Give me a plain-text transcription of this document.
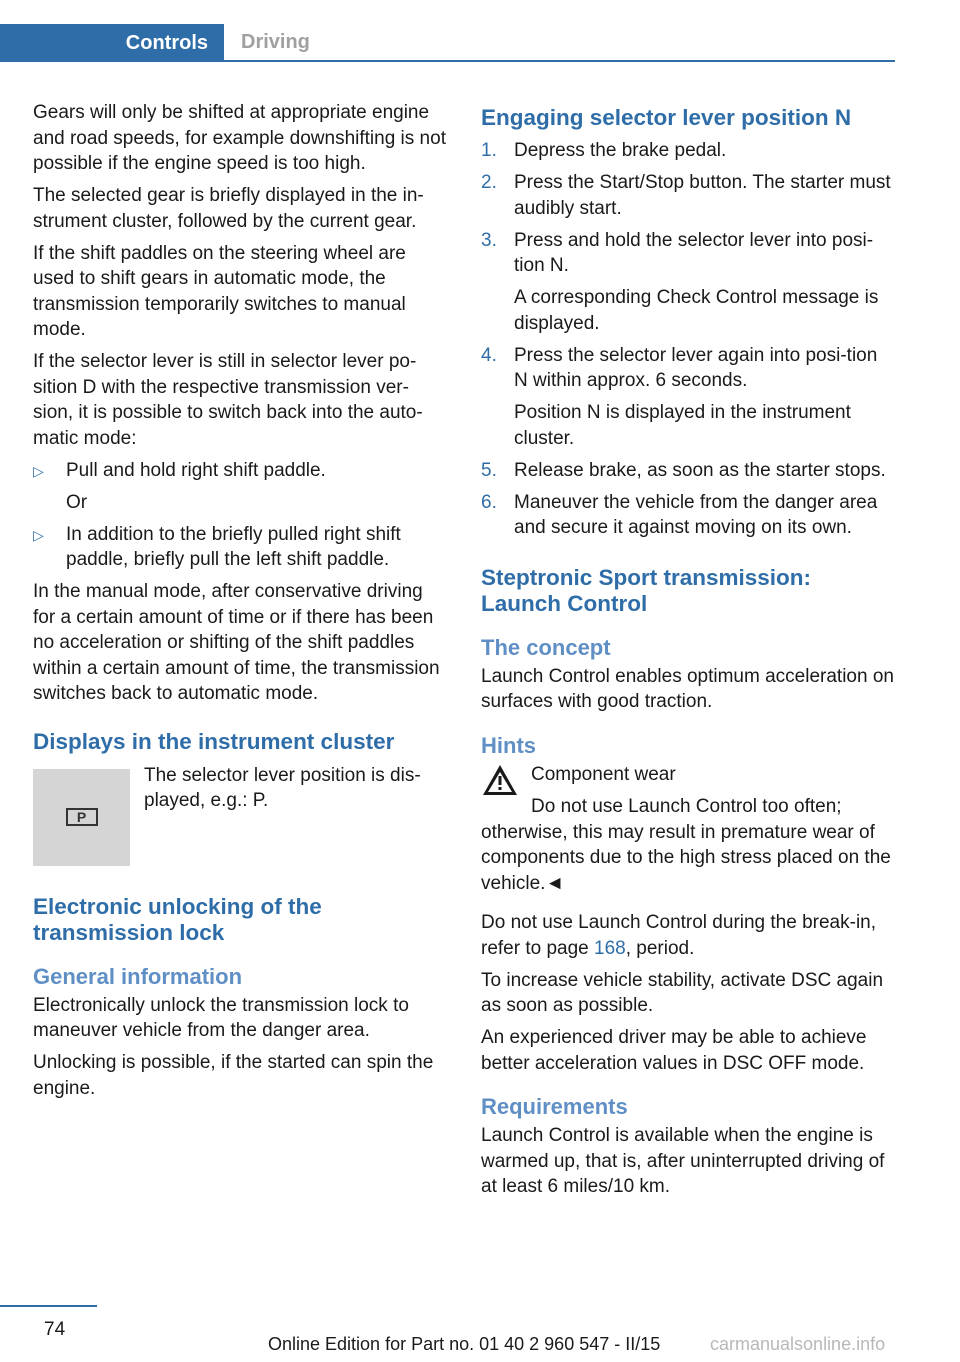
Controls	Driving

Gears will only be shifted at appropriate engine and road speeds, for example downshifting is not possible if the engine speed is too high.

The selected gear is briefly displayed in the in-strument cluster, followed by the current gear.

If the shift paddles on the steering wheel are used to shift gears in automatic mode, the transmission temporarily switches to manual mode.

If the selector lever is still in selector lever po-sition D with the respective transmission ver-sion, it is possible to switch back into the auto-matic mode:

▷ Pull and hold right shift paddle.
Or
▷ In addition to the briefly pulled right shift paddle, briefly pull the left shift paddle.

In the manual mode, after conservative driving for a certain amount of time or if there has been no acceleration or shifting of the shift paddles within a certain amount of time, the transmission switches back to automatic mode.

Displays in the instrument cluster
P
The selector lever position is dis-played, e.g.: P.
Electronic unlocking of the transmission lock
General information

Electronically unlock the transmission lock to maneuver vehicle from the danger area.

Unlocking is possible, if the started can spin the engine.

Engaging selector lever position N
1. Depress the brake pedal.
2. Press the Start/Stop button. The starter must audibly start.
3. Press and hold the selector lever into posi-tion N.
A corresponding Check Control message is displayed.
4. Press the selector lever again into posi-tion N within approx. 6 seconds.
Position N is displayed in the instrument cluster.
5. Release brake, as soon as the starter stops.
6. Maneuver the vehicle from the danger area and secure it against moving on its own.
Steptronic Sport transmission: Launch Control
The concept

Launch Control enables optimum acceleration on surfaces with good traction.

Hints
Component wear

Do not use Launch Control too often; otherwise, this may result in premature wear of components due to the high stress placed on the vehicle.◄

Do not use Launch Control during the break-in, refer to page 168, period.

To increase vehicle stability, activate DSC again as soon as possible.

An experienced driver may be able to achieve better acceleration values in DSC OFF mode.

Requirements

Launch Control is available when the engine is warmed up, that is, after uninterrupted driving of at least 6 miles/10 km.

74
Online Edition for Part no. 01 40 2 960 547 - II/15	carmanualsonline.info
